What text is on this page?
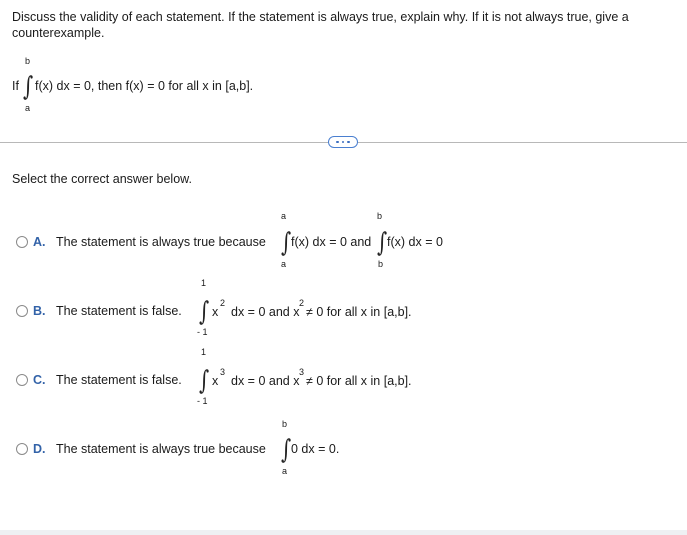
Discuss the validity of each statement. If the statement is always true, explain why. If it is not always true, give a
counterexample.
b
If ∫ f(x) dx = 0, then f(x) = 0 for all x in [a,b].
a
Select the correct answer below.
A. The statement is always true because
a
∫ f(x) dx = 0 and
a
b
∫ f(x) dx = 0
b
B. The statement is false.
1
∫ x
2
dx = 0 and x
2
≠ 0 for all x in [a,b].
- 1
C. The statement is false.
1
∫ x
3
dx = 0 and x
3
≠ 0 for all x in [a,b].
- 1
D. The statement is always true because
b
∫ 0 dx = 0.
a
